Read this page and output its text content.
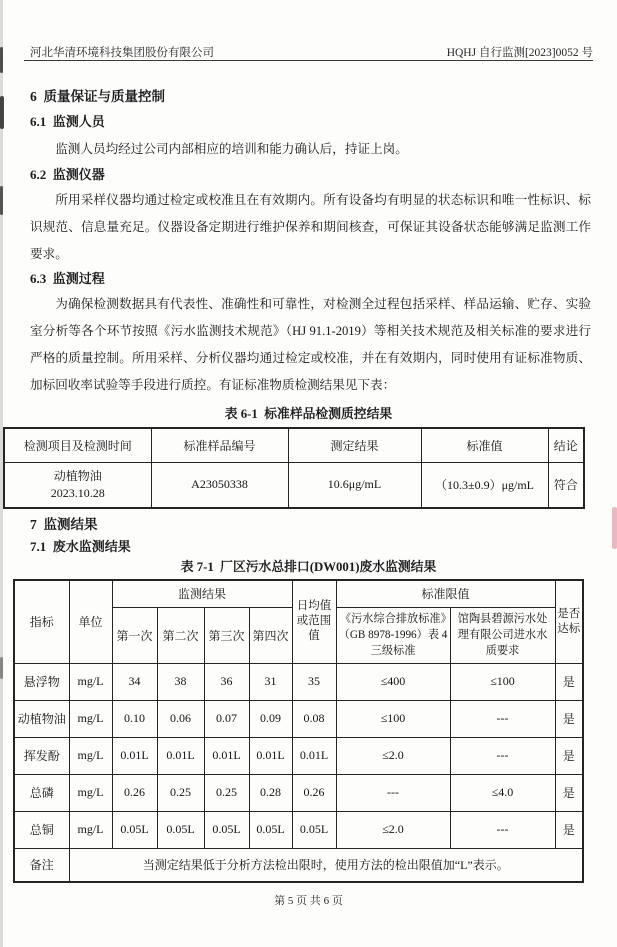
河北华清环境科技集团股份有限公司	HQHJ 自行监测[2023]0052 号
6  质量保证与质量控制
6.1  监测人员

监测人员均经过公司内部相应的培训和能力确认后，持证上岗。

6.2  监测仪器

所用采样仪器均通过检定或校准且在有效期内。所有设备均有明显的状态标识和唯一性标识、标识规范、信息量充足。仪器设备定期进行维护保养和期间核查，可保证其设备状态能够满足监测工作要求。

6.3  监测过程

为确保检测数据具有代表性、准确性和可靠性，对检测全过程包括采样、样品运输、贮存、实验室分析等各个环节按照《污水监测技术规范》（HJ 91.1-2019）等相关技术规范及相关标准的要求进行严格的质量控制。所用采样、分析仪器均通过检定或校准，并在有效期内，同时使用有证标准物质、加标回收率试验等手段进行质控。有证标准物质检测结果见下表：

表 6-1  标准样品检测质控结果
检测项目及检测时间	标准样品编号	测定结果	标准值	结论

动植物油
2023.10.28	A23050338	10.6μg/mL	（10.3±0.9）μg/mL	符合
7  监测结果
7.1  废水监测结果
表 7-1  厂区污水总排口(DW001)废水监测结果
指标	单位	监测结果				日均值或范围值	标准限值		是否达标
		第一次	第二次	第三次	第四次		《污水综合排放标准》（GB 8978-1996）表 4 三级标准	馆陶县碧源污水处理有限公司进水水质要求	
悬浮物	mg/L	34	38	36	31	35	≤400	≤100	是
动植物油	mg/L	0.10	0.06	0.07	0.09	0.08	≤100	---	是
挥发酚	mg/L	0.01L	0.01L	0.01L	0.01L	0.01L	≤2.0	---	是
总磷	mg/L	0.26	0.25	0.25	0.28	0.26	---	≤4.0	是
总铜	mg/L	0.05L	0.05L	0.05L	0.05L	0.05L	≤2.0	---	是
备注	当测定结果低于分析方法检出限时，使用方法的检出限值加“L”表示。								
第 5 页 共 6 页
